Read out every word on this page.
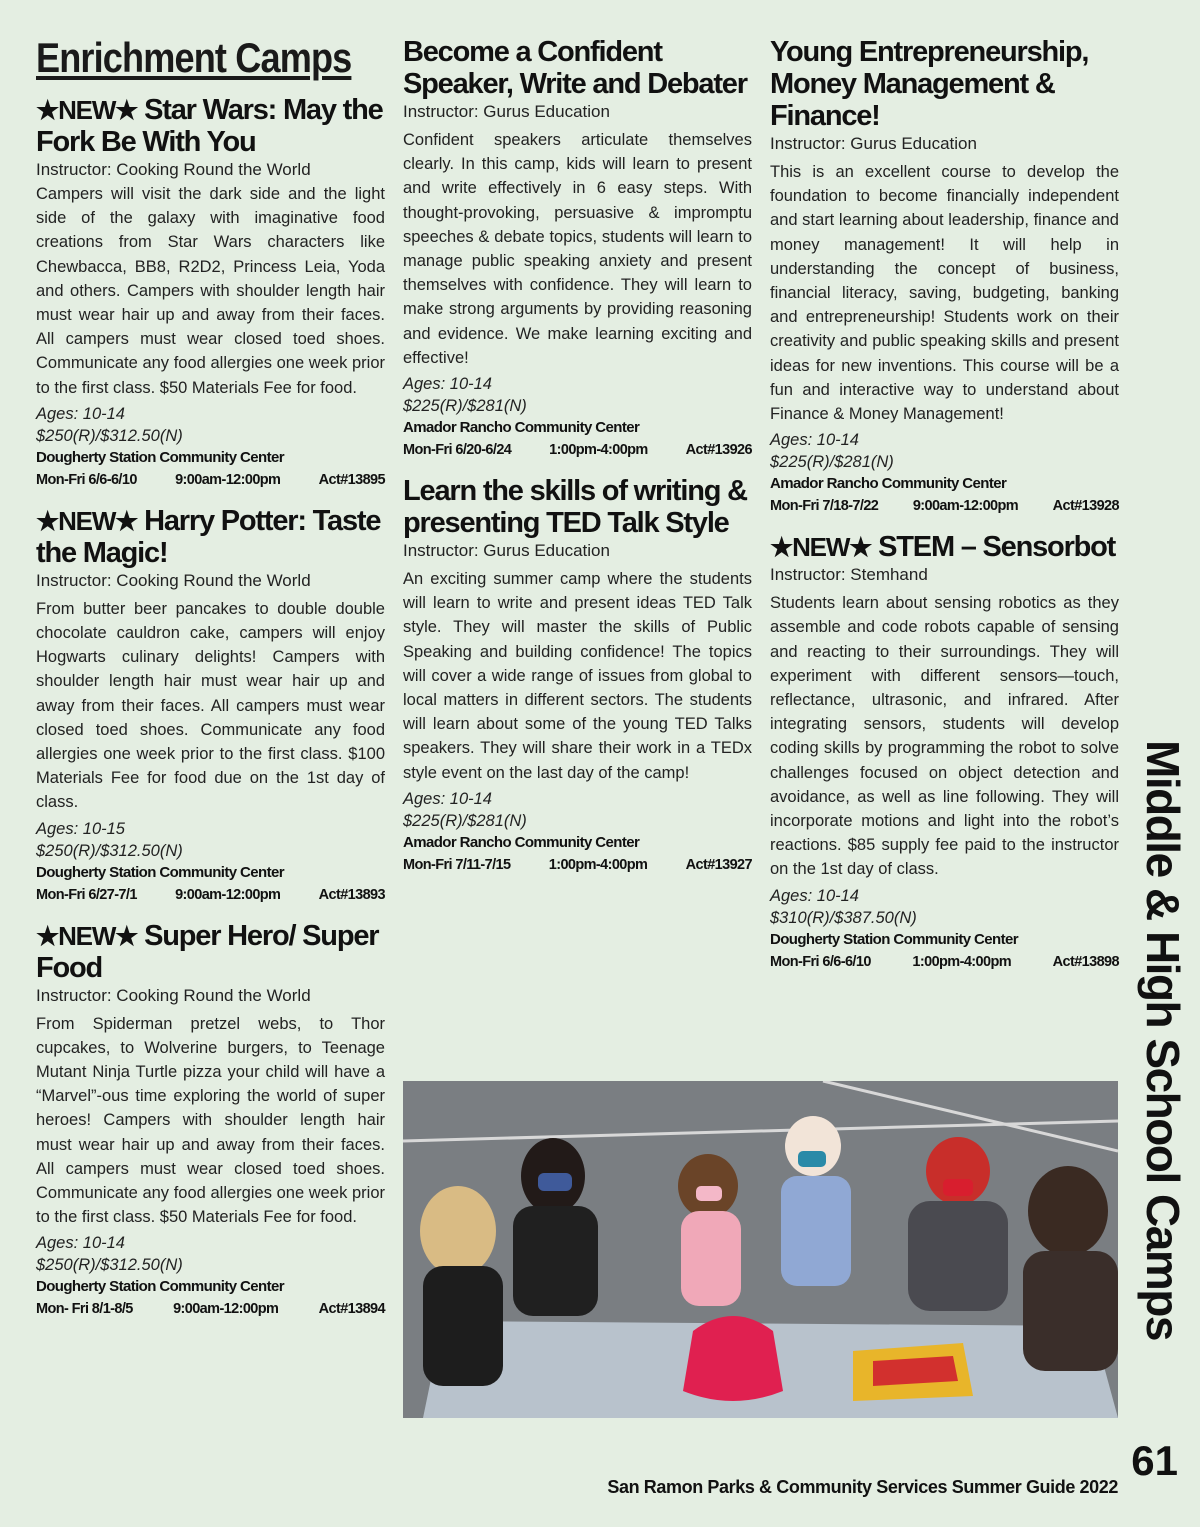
Enrichment Camps
★NEW★ Star Wars: May the Fork Be With You
Instructor: Cooking Round the World
Campers will visit the dark side and the light side of the galaxy with imaginative food creations from Star Wars characters like Chewbacca, BB8, R2D2, Princess Leia, Yoda and others. Campers with shoulder length hair must wear hair up and away from their faces. All campers must wear closed toed shoes. Communicate any food allergies one week prior to the first class. $50 Materials Fee for food.
Ages: 10-14
$250(R)/$312.50(N)
Dougherty Station Community Center
Mon-Fri 6/6-6/10	9:00am-12:00pm	Act#13895
★NEW★ Harry Potter: Taste the Magic!
Instructor: Cooking Round the World
From butter beer pancakes to double double chocolate cauldron cake, campers will enjoy Hogwarts culinary delights! Campers with shoulder length hair must wear hair up and away from their faces. All campers must wear closed toed shoes. Communicate any food allergies one week prior to the first class. $100 Materials Fee for food due on the 1st day of class.
Ages: 10-15
$250(R)/$312.50(N)
Dougherty Station Community Center
Mon-Fri 6/27-7/1	9:00am-12:00pm	Act#13893
★NEW★ Super Hero/ Super Food
Instructor: Cooking Round the World
From Spiderman pretzel webs, to Thor cupcakes, to Wolverine burgers, to Teenage Mutant Ninja Turtle pizza your child will have a “Marvel”-ous time exploring the world of super heroes! Campers with shoulder length hair must wear hair up and away from their faces. All campers must wear closed toed shoes. Communicate any food allergies one week prior to the first class. $50 Materials Fee for food.
Ages: 10-14
$250(R)/$312.50(N)
Dougherty Station Community Center
Mon- Fri 8/1-8/5	9:00am-12:00pm	Act#13894
Become a Confident Speaker, Write and Debater
Instructor: Gurus Education
Confident speakers articulate themselves clearly. In this camp, kids will learn to present and write effectively in 6 easy steps. With thought-provoking, persuasive & impromptu speeches & debate topics, students will learn to manage public speaking anxiety and present themselves with confidence. They will learn to make strong arguments by providing reasoning and evidence. We make learning exciting and effective!
Ages: 10-14
$225(R)/$281(N)
Amador Rancho Community Center
Mon-Fri 6/20-6/24	1:00pm-4:00pm	Act#13926
Learn the skills of writing & presenting TED Talk Style
Instructor: Gurus Education
An exciting summer camp where the students will learn to write and present ideas TED Talk style. They will master the skills of Public Speaking and building confidence! The topics will cover a wide range of issues from global to local matters in different sectors. The students will learn about some of the young TED Talks speakers. They will share their work in a TEDx style event on the last day of the camp!
Ages: 10-14
$225(R)/$281(N)
Amador Rancho Community Center
Mon-Fri 7/11-7/15	1:00pm-4:00pm	Act#13927
Young Entrepreneurship, Money Management & Finance!
Instructor: Gurus Education
This is an excellent course to develop the foundation to become financially independent and start learning about leadership, finance and money management! It will help in understanding the concept of business, financial literacy, saving, budgeting, banking and entrepreneurship! Students work on their creativity and public speaking skills and present ideas for new inventions. This course will be a fun and interactive way to understand about Finance & Money Management!
Ages: 10-14
$225(R)/$281(N)
Amador Rancho Community Center
Mon-Fri 7/18-7/22 9:00am-12:00pm Act#13928
★NEW★ STEM – Sensorbot
Instructor: Stemhand
Students learn about sensing robotics as they assemble and code robots capable of sensing and reacting to their surroundings. They will experiment with different sensors—touch, reflectance, ultrasonic, and infrared. After integrating sensors, students will develop coding skills by programming the robot to solve challenges focused on object detection and avoidance, as well as line following. They will incorporate motions and light into the robot’s reactions. $85 supply fee paid to the instructor on the 1st day of class.
Ages: 10-14
$310(R)/$387.50(N)
Dougherty Station Community Center
Mon-Fri 6/6-6/10	1:00pm-4:00pm	Act#13898 Middle & High School Camps
61
San Ramon Parks & Community Services Summer Guide 2022
